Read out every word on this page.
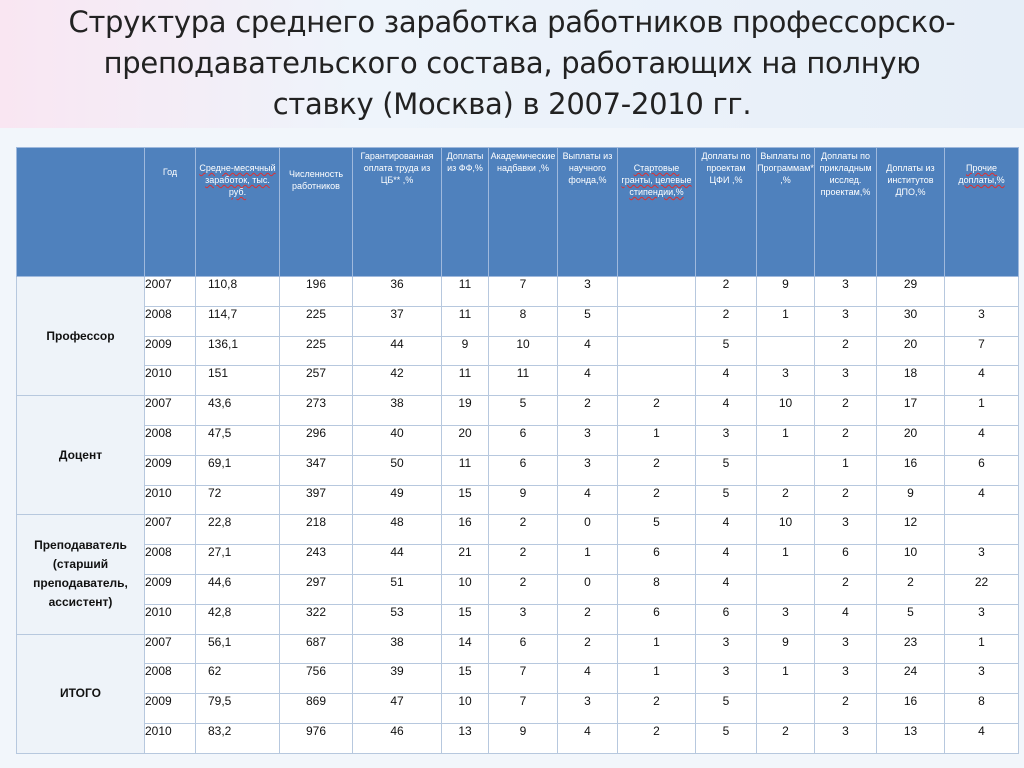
Структура среднего заработка работников профессорско-
преподавательского состава, работающих на полную
ставку (Москва) в 2007-2010 гг.
	Год	Средне-месячный заработок, тыс. руб.	Численность работников	Гарантированная оплата труда из ЦБ** ,%	Доплаты из ФФ,%	Академические надбавки ,%	Выплаты из научного фонда,%	Стартовые гранты, целевые стипендии,%	Доплаты по проектам ЦФИ ,%	Выплаты по Программам* ,%	Доплаты по прикладным исслед. проектам,%	Доплаты из институтов ДПО,%	Прочие доплаты,%
Профессор	2007	110,8	196	36	11	7	3		2	9	3	29	
	2008	114,7	225	37	11	8	5		2	1	3	30	3
	2009	136,1	225	44	9	10	4		5		2	20	7
	2010	151	257	42	11	11	4		4	3	3	18	4
Доцент	2007	43,6	273	38	19	5	2	2	4	10	2	17	1
	2008	47,5	296	40	20	6	3	1	3	1	2	20	4
	2009	69,1	347	50	11	6	3	2	5		1	16	6
	2010	72	397	49	15	9	4	2	5	2	2	9	4
Преподаватель (старший преподаватель, ассистент)	2007	22,8	218	48	16	2	0	5	4	10	3	12	
	2008	27,1	243	44	21	2	1	6	4	1	6	10	3
	2009	44,6	297	51	10	2	0	8	4		2	2	22
	2010	42,8	322	53	15	3	2	6	6	3	4	5	3
ИТОГО	2007	56,1	687	38	14	6	2	1	3	9	3	23	1
	2008	62	756	39	15	7	4	1	3	1	3	24	3
	2009	79,5	869	47	10	7	3	2	5		2	16	8
	2010	83,2	976	46	13	9	4	2	5	2	3	13	4
